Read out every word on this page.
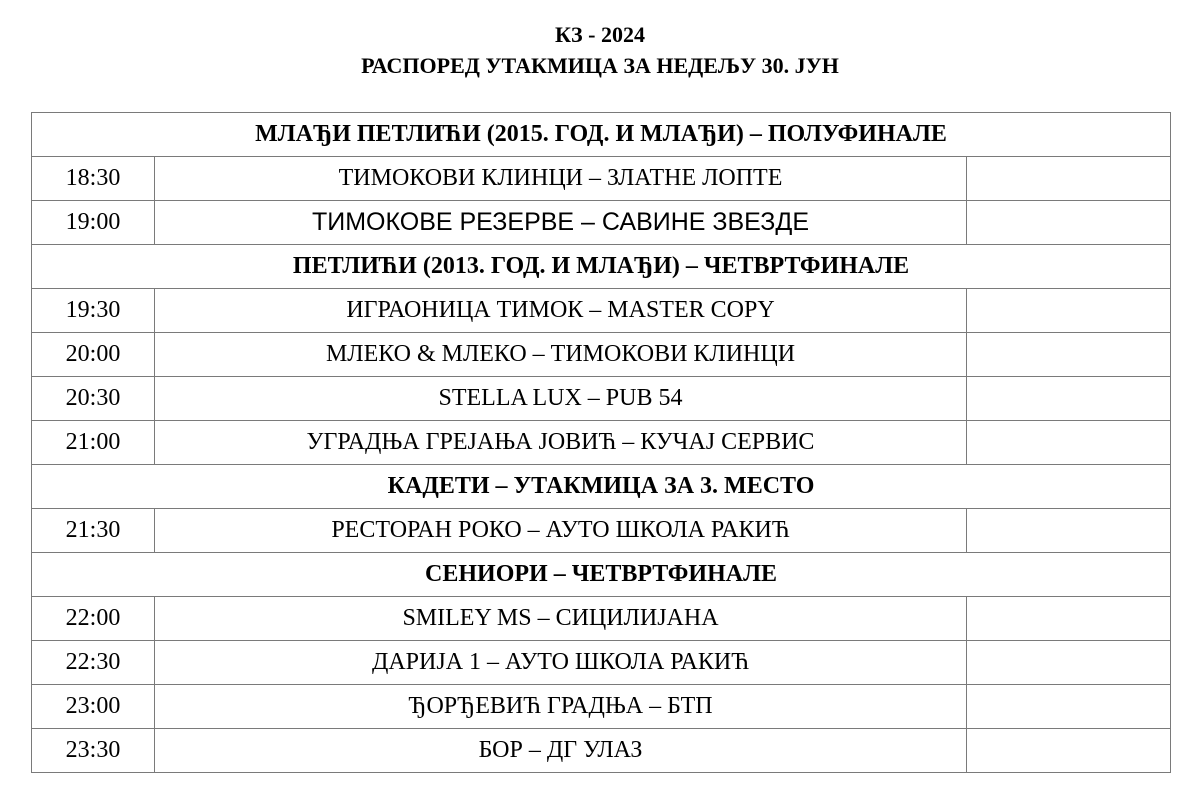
КЗ - 2024
РАСПОРЕД УТАКМИЦА ЗА НЕДЕЉУ 30. ЈУН
МЛАЂИ ПЕТЛИЋИ (2015. ГОД. И МЛАЂИ) – ПОЛУФИНАЛЕ		
18:30	ТИМОКОВИ КЛИНЦИ – ЗЛАТНЕ ЛОПТЕ	
19:00	ТИМОКОВЕ РЕЗЕРВЕ – САВИНЕ ЗВЕЗДЕ	
ПЕТЛИЋИ (2013. ГОД. И МЛАЂИ) – ЧЕТВРТФИНАЛЕ		
19:30	ИГРАОНИЦА ТИМОК – MASTER COPY	
20:00	МЛЕКО & МЛЕКО – ТИМОКОВИ КЛИНЦИ	
20:30	STELLA LUX – PUB 54	
21:00	УГРАДЊА ГРЕЈАЊА ЈОВИЋ – КУЧАЈ СЕРВИС	
КАДЕТИ – УТАКМИЦА ЗА 3. МЕСТО		
21:30	РЕСТОРАН РОКО – АУТО ШКОЛА РАКИЋ	
СЕНИОРИ – ЧЕТВРТФИНАЛЕ		
22:00	SMILEY MS – СИЦИЛИЈАНА	
22:30	ДАРИЈА 1 – АУТО ШКОЛА РАКИЋ	
23:00	ЂОРЂЕВИЋ ГРАДЊА – БТП	
23:30	БОР – ДГ УЛАЗ	
